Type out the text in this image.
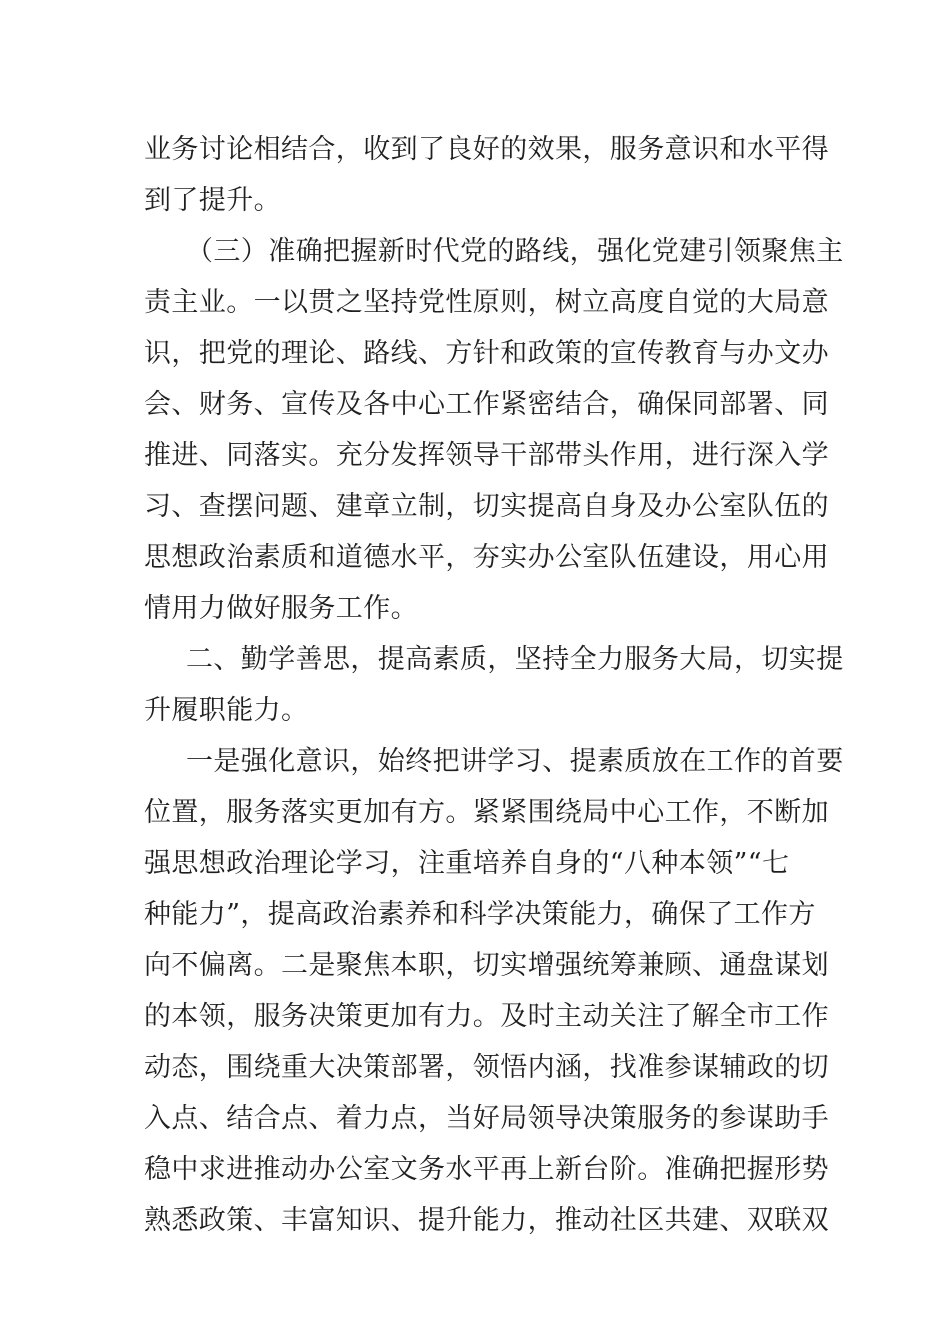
业务讨论相结合，收到了良好的效果，服务意识和水平得
到了提升。
（三）准确把握新时代党的路线，强化党建引领聚焦主
责主业。一以贯之坚持党性原则，树立高度自觉的大局意
识，把党的理论、路线、方针和政策的宣传教育与办文办
会、财务、宣传及各中心工作紧密结合，确保同部署、同
推进、同落实。充分发挥领导干部带头作用，进行深入学
习、查摆问题、建章立制，切实提高自身及办公室队伍的
思想政治素质和道德水平，夯实办公室队伍建设，用心用
情用力做好服务工作。
二、勤学善思，提高素质，坚持全力服务大局，切实提
升履职能力。
一是强化意识，始终把讲学习、提素质放在工作的首要
位置，服务落实更加有方。紧紧围绕局中心工作，不断加
强思想政治理论学习，注重培养自身的“八种本领”“七
种能力”，提高政治素养和科学决策能力，确保了工作方
向不偏离。二是聚焦本职，切实增强统筹兼顾、通盘谋划
的本领，服务决策更加有力。及时主动关注了解全市工作
动态，围绕重大决策部署，领悟内涵，找准参谋辅政的切
入点、结合点、着力点，当好局领导决策服务的参谋助手
稳中求进推动办公室文务水平再上新台阶。准确把握形势
熟悉政策、丰富知识、提升能力，推动社区共建、双联双
